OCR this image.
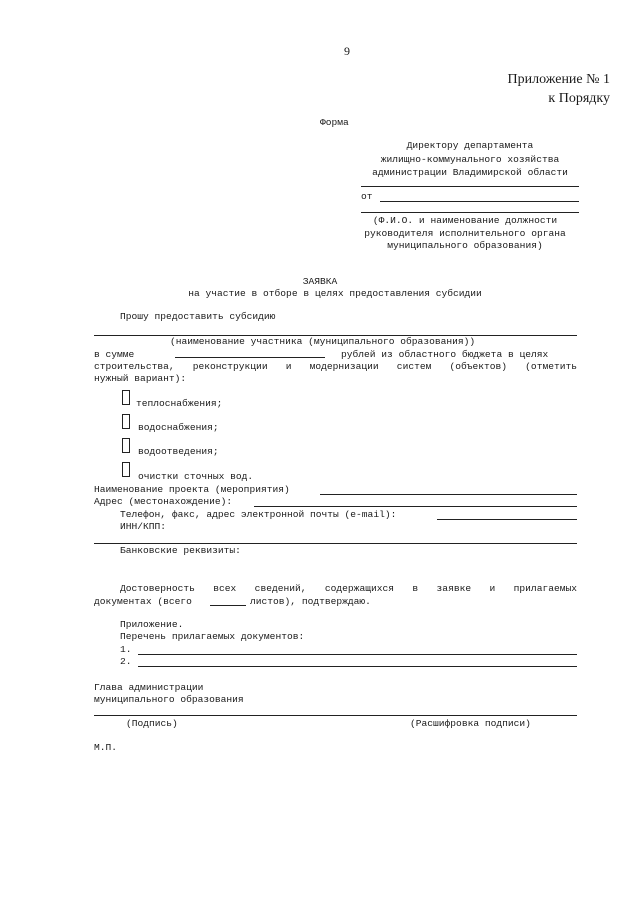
9
Приложение № 1
к Порядку
Форма
Директору департамента
жилищно-коммунального хозяйства
администрации Владимирской области
от
(Ф.И.О. и наименование должности
руководителя исполнительного органа
муниципального образования)
ЗАЯВКА
на участие в отборе в целях предоставления субсидии
Прошу предоставить субсидию
(наименование участника (муниципального образования))
в сумме	рублей из областного бюджета в целях
строительства, реконструкции и модернизации систем (объектов) (отметить
нужный вариант):
теплоснабжения;
водоснабжения;
водоотведения;
очистки сточных вод.
Наименование проекта (мероприятия)
Адрес (местонахождение):
Телефон, факс, адрес электронной почты (e-mail):
ИНН/КПП:
Банковские реквизиты:
Достоверность всех сведений, содержащихся в заявке и прилагаемых
документах (всего	листов), подтверждаю.
Приложение.
Перечень прилагаемых документов:
1.
2.
Глава администрации
муниципального образования
(Подпись)	(Расшифровка подписи)
М.П.
